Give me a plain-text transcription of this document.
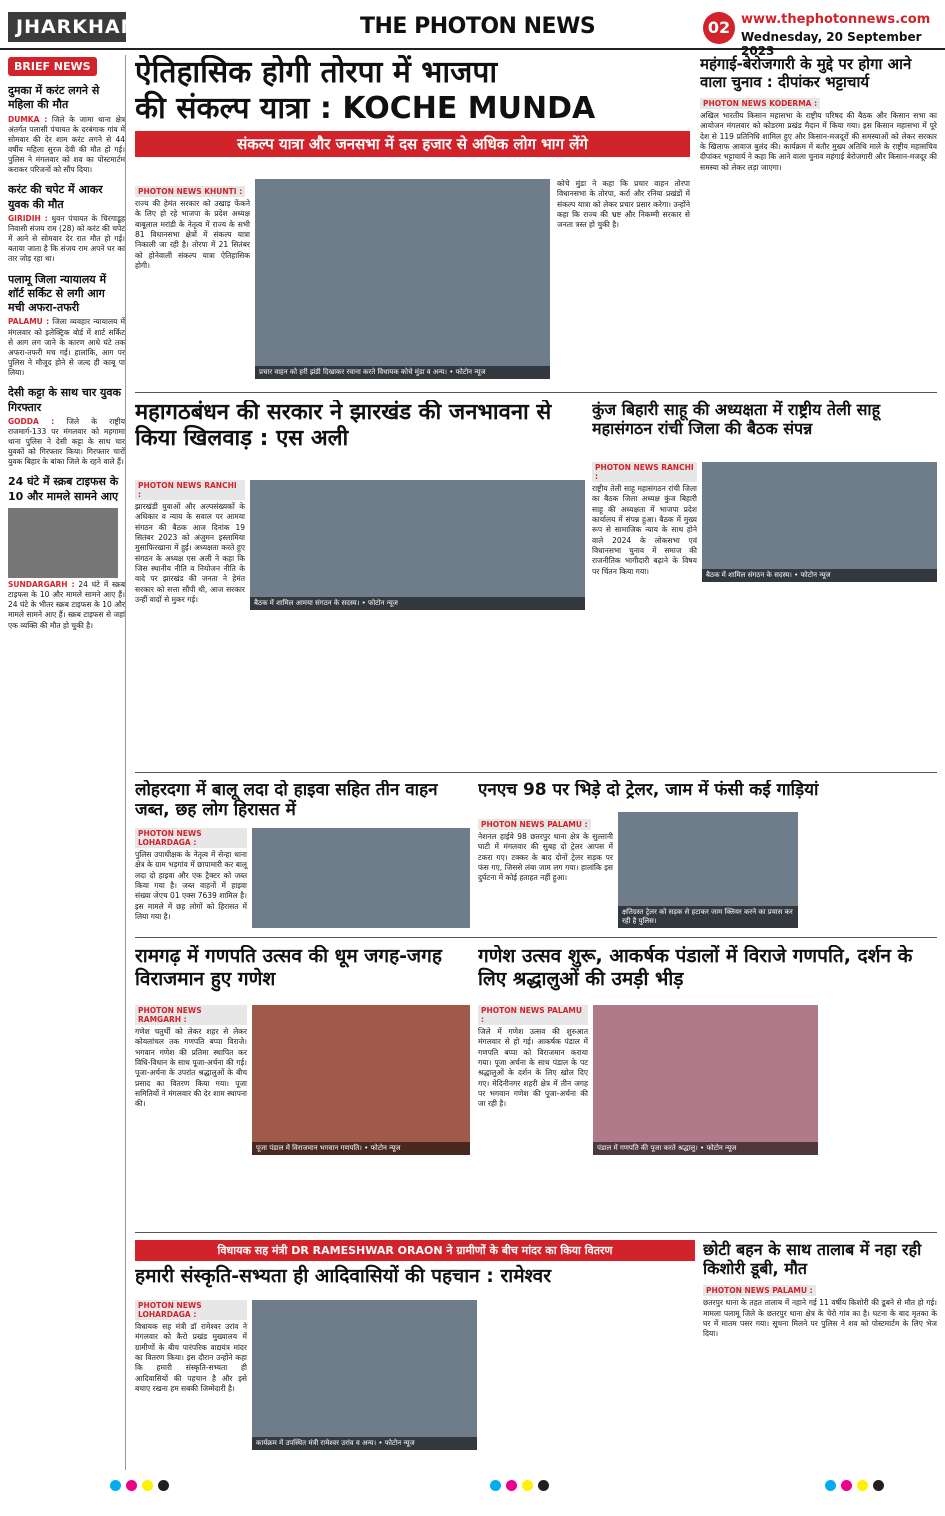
JHARKHAND	THE PHOTON NEWS	02 www.thephotonnews.com
Wednesday, 20 September 2023
BRIEF NEWS
दुमका में करंट लगने से महिला की मौत
DUMKA : जिले के जामा थाना क्षेत्र अंतर्गत पलासी पंचायत के दरबंगाक गांव में सोमवार की देर शाम करंट लगने से 44 वर्षीय महिला सुरज देवी की मौत हो गई। पुलिस ने मंगलवार को शव का पोस्टमार्टम कराकर परिजनों को सौंप दिया।
करंट की चपेट में आकर युवक की मौत
GIRIDIH : धुवन पंचायत के चिरगाडूह निवासी संजय राम (28) को करंट की चपेट में आने से सोमवार देर रात मौत हो गई। बताया जाता है कि संजय राम अपने घर का तार जोड़ रहा था।
पलामू जिला न्यायालय में शॉर्ट सर्किट से लगी आग मची अफरा-तफरी
PALAMU : जिला व्यवहार न्यायालय में मंगलवार को इलेक्ट्रिक बोर्ड में शार्ट सर्किट से आग लग जाने के कारण आधे घंटे तक अफरा-तफरी मच गई। हालांकि, आग पर पुलिस ने मौजूद होने से जल्द ही काबू पा लिया।
देसी कट्टा के साथ चार युवक गिरफ्तार
GODDA : जिले के राष्ट्रीय राजमार्ग-133 पर मंगलवार को महगामा थाना पुलिस ने देसी कट्टा के साथ चार युवकों को गिरफ्तार किया। गिरफ्तार चारों युवक बिहार के बांका जिले के रहने वाले हैं।
24 घंटे में स्क्रब टाइफस के 10 और मामले सामने आए
SUNDARGARH : 24 घंटे में स्क्रब टाइफस के 10 और मामले सामने आए हैं। 24 घंटे के भीतर स्क्रब टाइफस के 10 और मामले सामने आए हैं। स्क्रब टाइफस से जहां एक व्यक्ति की मौत हो चुकी है।
ऐतिहासिक होगी तोरपा में भाजपा
की संकल्प यात्रा : KOCHE MUNDA
संकल्प यात्रा और जनसभा में दस हजार से अधिक लोग भाग लेंगे
PHOTON NEWS KHUNTI :
राज्य की हेमंत सरकार को उखाड़ फेंकने के लिए हो रहे भाजपा के प्रदेश अध्यक्ष बाबूलाल मरांडी के नेतृत्व में राज्य के सभी 81 विधानसभा क्षेत्रों में संकल्प यात्रा निकाली जा रही है। तोरपा में 21 सितंबर को होनेवाली संकल्प यात्रा ऐतिहासिक होगी।
प्रचार वाहन को हरी झंडी दिखाकर रवाना करते विधायक कोचे मुंडा व अन्य। • फोटोन न्यूज
कोचे मुंडा ने कहा कि प्रचार वाहन तोरपा विधानसभा के तोरपा, कर्रा और रनिया प्रखंडों में संकल्प यात्रा को लेकर प्रचार प्रसार करेगा। उन्होंने कहा कि राज्य की भ्रष्ट और निकम्मी सरकार से जनता त्रस्त हो चुकी है।
महंगाई-बेरोजगारी के मुद्दे पर होगा आने वाला चुनाव : दीपांकर भट्टाचार्य
PHOTON NEWS KODERMA :
अखिल भारतीय किसान महासभा के राष्ट्रीय परिषद की बैठक और किसान सभा का आयोजन मंगलवार को कोडरमा प्रखंड मैदान में किया गया। इस किसान महासभा में पूरे देश से 119 प्रतिनिधि शामिल हुए और किसान-मजदूरों की समस्याओं को लेकर सरकार के खिलाफ आवाज बुलंद की। कार्यक्रम में बतौर मुख्य अतिथि माले के राष्ट्रीय महासचिव दीपांकर भट्टाचार्य ने कहा कि आने वाला चुनाव महंगाई बेरोजगारी और किसान-मजदूर की समस्या को लेकर लड़ा जाएगा।
महागठबंधन की सरकार ने झारखंड की जनभावना से किया खिलवाड़ : एस अली
PHOTON NEWS RANCHI :
झारखंडी युवाओं और अल्पसंख्यकों के अधिकार व न्याय के सवाल पर आमया संगठन की बैठक आज दिनांक 19 सितंबर 2023 को अंजुमन इस्लामिया मुसाफिरखाना में हुई। अध्यक्षता करते हुए संगठन के अध्यक्ष एस अली ने कहा कि जिस स्थानीय नीति व नियोजन नीति के वादे पर झारखंड की जनता ने हेमंत सरकार को सत्ता सौंपी थी, आज सरकार उन्हीं वादों से मुकर गई।	बैठक में शामिल आमया संगठन के सदस्य। • फोटोन न्यूज
कुंज बिहारी साहू की अध्यक्षता में राष्ट्रीय तेली साहू महासंगठन रांची जिला की बैठक संपन्न
PHOTON NEWS RANCHI :
राष्ट्रीय तेली साहू महासंगठन रांची जिला का बैठक जिला अध्यक्ष कुंज बिहारी साहू की अध्यक्षता में भाजपा प्रदेश कार्यालय में संपन्न हुआ। बैठक में मुख्य रूप से सामाजिक न्याय के साथ होने वाले 2024 के लोकसभा एवं विधानसभा चुनाव में समाज की राजनीतिक भागीदारी बढ़ाने के विषय पर चिंतन किया गया।	बैठक में शामिल संगठन के सदस्य। • फोटोन न्यूज
लोहरदगा में बालू लदा दो हाइवा सहित तीन वाहन जब्त, छह लोग हिरासत में
PHOTON NEWS LOHARDAGA :
पुलिस उपाधीक्षक के नेतृत्व में सेन्हा थाना क्षेत्र के ग्राम भड़गांव में छापामारी कर बालू लदा दो हाइवा और एक ट्रैक्टर को जब्त किया गया है। जब्त वाहनों में हाइवा संख्या जेएच 01 एक्स 7639 शामिल है। इस मामले में छह लोगों को हिरासत में लिया गया है।
एनएच 98 पर भिड़े दो ट्रेलर, जाम में फंसी कई गाड़ियां
PHOTON NEWS PALAMU :
नेशनल हाईवे 98 छतरपुर थाना क्षेत्र के सुल्तानी घाटी में मंगलवार की सुबह दो ट्रेलर आपस में टकरा गए। टक्कर के बाद दोनों ट्रेलर सड़क पर फंस गए, जिससे लंबा जाम लग गया। हालांकि इस दुर्घटना में कोई हताहत नहीं हुआ।
क्षतिग्रस्त ट्रेलर को सड़क से हटाकर जाम क्लियर करने का प्रयास कर रही है पुलिस।
रामगढ़ में गणपति उत्सव की धूम जगह-जगह विराजमान हुए गणेश
PHOTON NEWS RAMGARH :
गणेश चतुर्थी को लेकर शहर से लेकर कोयलांचल तक गणपति बप्पा विराजे। भगवान गणेश की प्रतिमा स्थापित कर विधि-विधान के साथ पूजा-अर्चना की गई। पूजा-अर्चना के उपरांत श्रद्धालुओं के बीच प्रसाद का वितरण किया गया। पूजा समितियों ने मंगलवार की देर शाम स्थापना की।
पूजा पंडाल में विराजमान भगवान गणपति। • फोटोन न्यूज
गणेश उत्सव शुरू, आकर्षक पंडालों में विराजे गणपति, दर्शन के लिए श्रद्धालुओं की उमड़ी भीड़
PHOTON NEWS PALAMU :
जिले में गणेश उत्सव की शुरुआत मंगलवार से हो गई। आकर्षक पंडाल में गणपति बप्पा को विराजमान कराया गया। पूजा अर्चना के साथ पंडाल के पट श्रद्धालुओं के दर्शन के लिए खोल दिए गए। मेदिनीनगर शहरी क्षेत्र में तीन जगह पर भगवान गणेश की पूजा-अर्चना की जा रही है।
पंडाल में गणपति की पूजा करते श्रद्धालु। • फोटोन न्यूज
विधायक सह मंत्री DR RAMESHWAR ORAON ने ग्रामीणों के बीच मांदर का किया वितरण
हमारी संस्कृति-सभ्यता ही आदिवासियों की पहचान : रामेश्वर
PHOTON NEWS LOHARDAGA :
विधायक सह मंत्री डॉ रामेश्वर उरांव ने मंगलवार को कैरो प्रखंड मुख्यालय में ग्रामीणों के बीच पारंपरिक वाद्ययंत्र मांदर का वितरण किया। इस दौरान उन्होंने कहा कि हमारी संस्कृति-सभ्यता ही आदिवासियों की पहचान है और इसे बचाए रखना हम सबकी जिम्मेदारी है।
कार्यक्रम में उपस्थित मंत्री रामेश्वर उरांव व अन्य। • फोटोन न्यूज
छोटी बहन के साथ तालाब में नहा रही किशोरी डूबी, मौत
PHOTON NEWS PALAMU :
छतरपुर थाना के तहत तालाब में नहाने गई 11 वर्षीय किशोरी की डूबने से मौत हो गई। मामला पलामू जिले के छतरपुर थाना क्षेत्र के चेरो गांव का है। घटना के बाद मृतका के घर में मातम पसर गया। सूचना मिलने पर पुलिस ने शव को पोस्टमार्टम के लिए भेज दिया।
